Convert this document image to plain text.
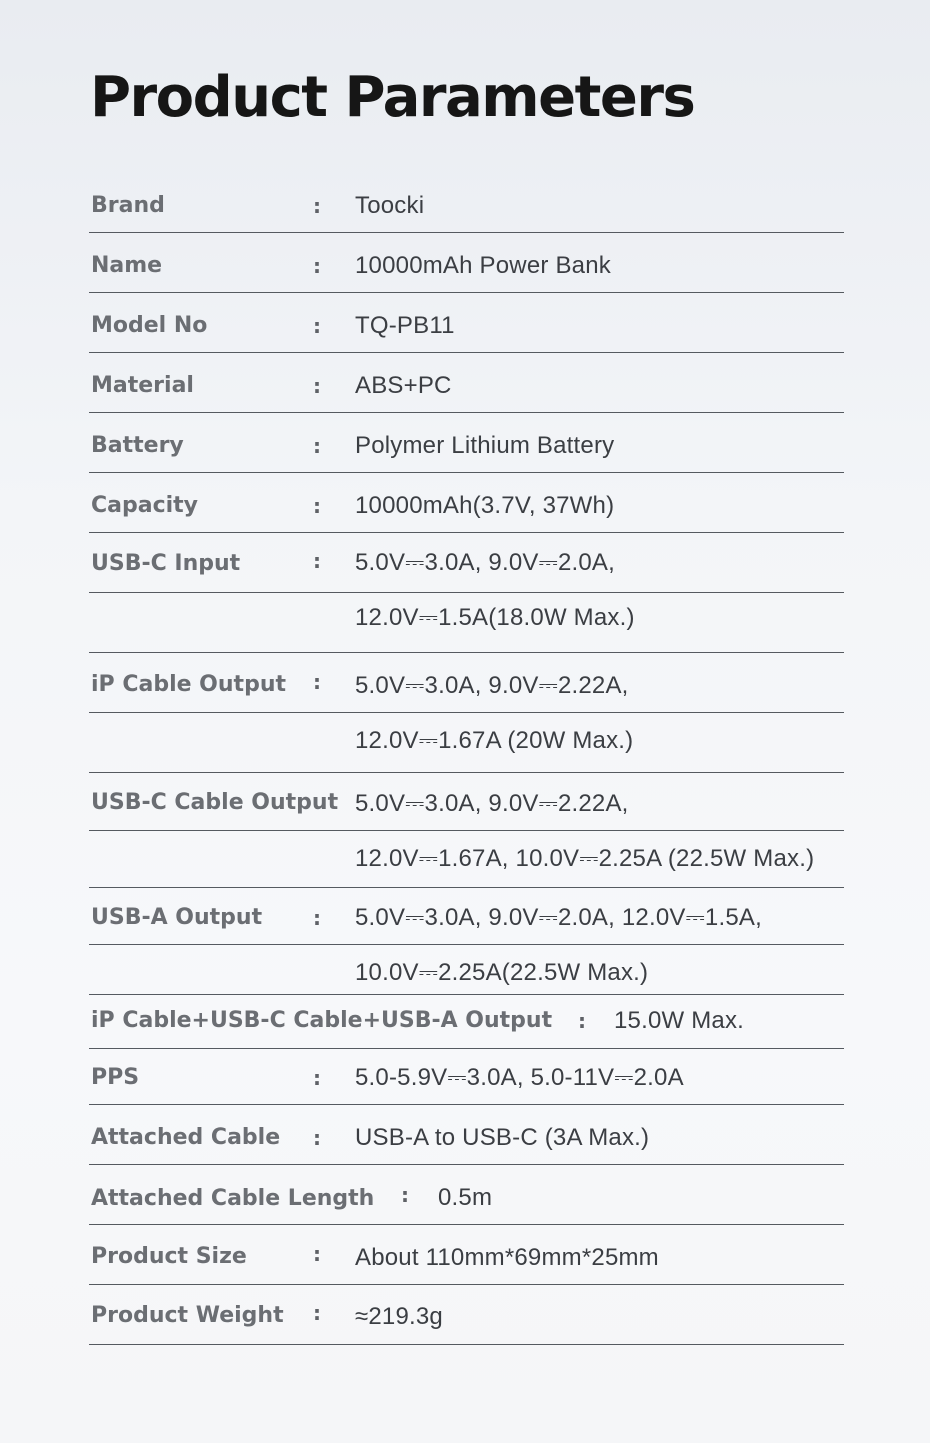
Product Parameters
Brand	: Toocki
Name	: 10000mAh Power Bank
Model No	: TQ-PB11
Material	: ABS+PC
Battery	: Polymer Lithium Battery
Capacity	: 10000mAh(3.7V, 37Wh)
USB-C Input	: 5.0V⎓3.0A, 9.0V⎓2.0A,
12.0V⎓1.5A(18.0W Max.)
iP Cable Output : 5.0V⎓3.0A, 9.0V⎓2.22A,
12.0V⎓1.67A (20W Max.)
USB-C Cable Output 5.0V⎓3.0A, 9.0V⎓2.22A,
12.0V⎓1.67A, 10.0V⎓2.25A (22.5W Max.)
USB-A Output	: 5.0V⎓3.0A, 9.0V⎓2.0A, 12.0V⎓1.5A,
10.0V⎓2.25A(22.5W Max.)
iP Cable+USB-C Cable+USB-A Output : 15.0W Max.
PPS	: 5.0-5.9V⎓3.0A, 5.0-11V⎓2.0A
Attached Cable : USB-A to USB-C (3A Max.)
Attached Cable Length : 0.5m
Product Size	: About 110mm*69mm*25mm
Product Weight : ≈219.3g
